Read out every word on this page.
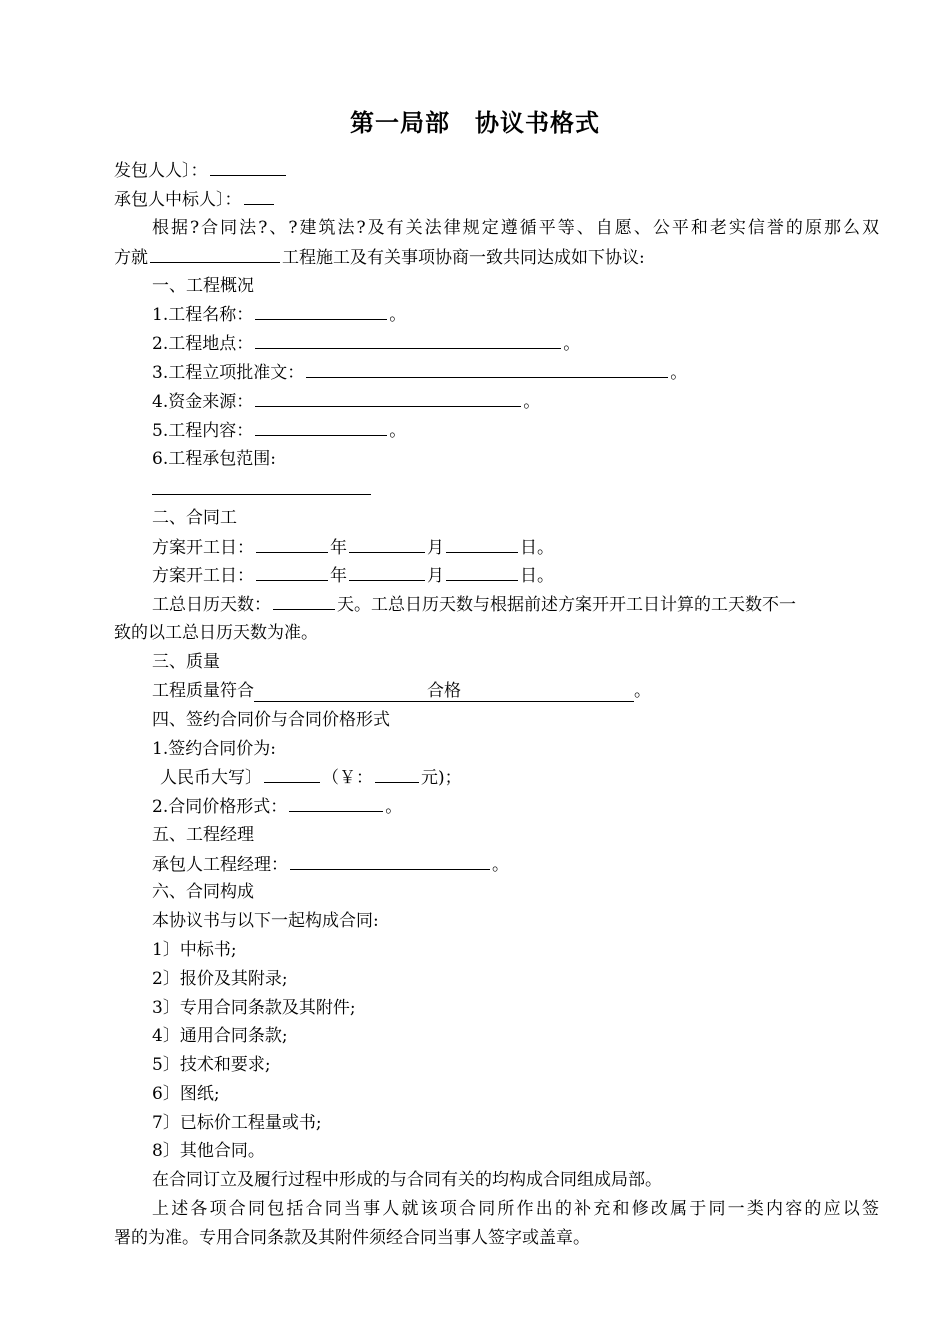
第一局部　协议书格式
发包人人〕：
承包人中标人〕：
根据?合同法?、?建筑法?及有关法律规定遵循平等、自愿、公平和老实信誉的原那么双
方就	工程施工及有关事项协商一致共同达成如下协议:
一、工程概况
1.工程名称：	。
2.工程地点：	。
3.工程立项批准文：	。
4.资金来源：	。
5.工程内容：	。
6.工程承包范围:
二、合同工
方案开工日：	年	月	日。
方案开工日：	年	月	日。
工总日历天数：	天。工总日历天数与根据前述方案开开工日计算的工天数不一
致的以工总日历天数为准。
三、质量
工程质量符合	合格	。
四、签约合同价与合同价格形式
1.签约合同价为:
人民币大写〕	（￥：	元)；
2.合同价格形式：	。
五、工程经理
承包人工程经理：	。
六、合同构成
本协议书与以下一起构成合同:
1〕中标书;
2〕报价及其附录;
3〕专用合同条款及其附件;
4〕通用合同条款;
5〕技术和要求;
6〕图纸;
7〕已标价工程量或书;
8〕其他合同。
在合同订立及履行过程中形成的与合同有关的均构成合同组成局部。
上述各项合同包括合同当事人就该项合同所作出的补充和修改属于同一类内容的应以签
署的为准。专用合同条款及其附件须经合同当事人签字或盖章。
